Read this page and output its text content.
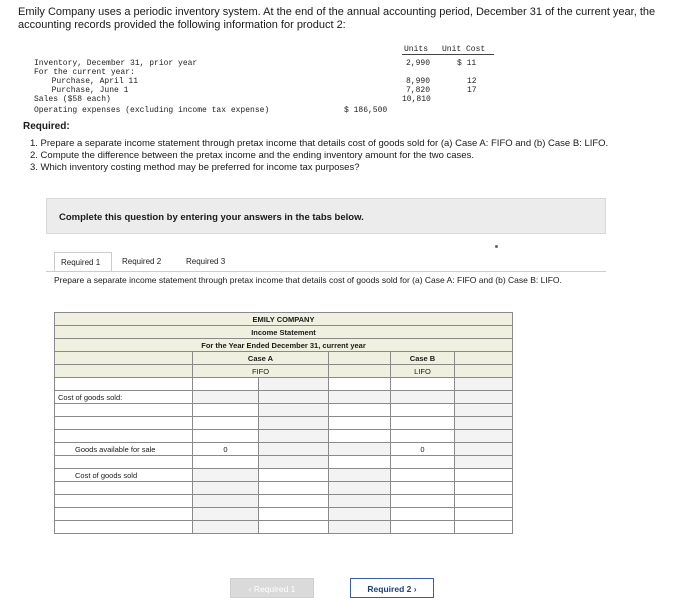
Emily Company uses a periodic inventory system. At the end of the annual accounting period, December 31 of the current year, the accounting records provided the following information for product 2:
Units Unit Cost
Inventory, December 31, prior year	2,990	$ 11
For the current year:
Purchase, April 11	8,990	12
Purchase, June 1	7,820	17
Sales ($58 each)	10,810
Operating expenses (excluding income tax expense)	$ 186,500
Required:
1. Prepare a separate income statement through pretax income that details cost of goods sold for (a) Case A: FIFO and (b) Case B: LIFO.
2. Compute the difference between the pretax income and the ending inventory amount for the two cases.
3. Which inventory costing method may be preferred for income tax purposes?
Complete this question by entering your answers in the tabs below.
Required 1	Required 2	Required 3
Prepare a separate income statement through pretax income that details cost of goods sold for (a) Case A: FIFO and (b) Case B: LIFO.
EMILY COMPANY					
Income Statement					
For the Year Ended December 31, current year					
	Case A			Case B	
	FIFO			LIFO	

Cost of goods sold:					

Goods available for sale	0			0	

Cost of goods sold					

‹ Required 1	Required 2 ›
